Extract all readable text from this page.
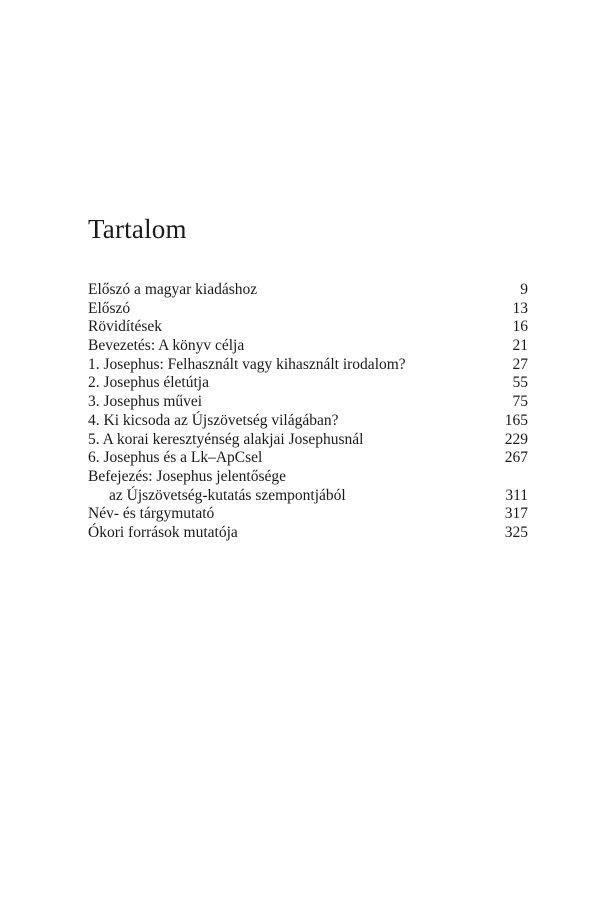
Tartalom
Előszó a magyar kiadáshoz	9
Előszó	13
Rövidítések	16
Bevezetés: A könyv célja	21
1. Josephus: Felhasznált vagy kihasznált irodalom?	27
2. Josephus életútja	55
3. Josephus művei	75
4. Ki kicsoda az Újszövetség világában?	165
5. A korai keresztyénség alakjai Josephusnál	229
6. Josephus és a Lk–ApCsel	267
Befejezés: Josephus jelentősége
az Újszövetség-kutatás szempontjából	311
Név- és tárgymutató	317
Ókori források mutatója	325
